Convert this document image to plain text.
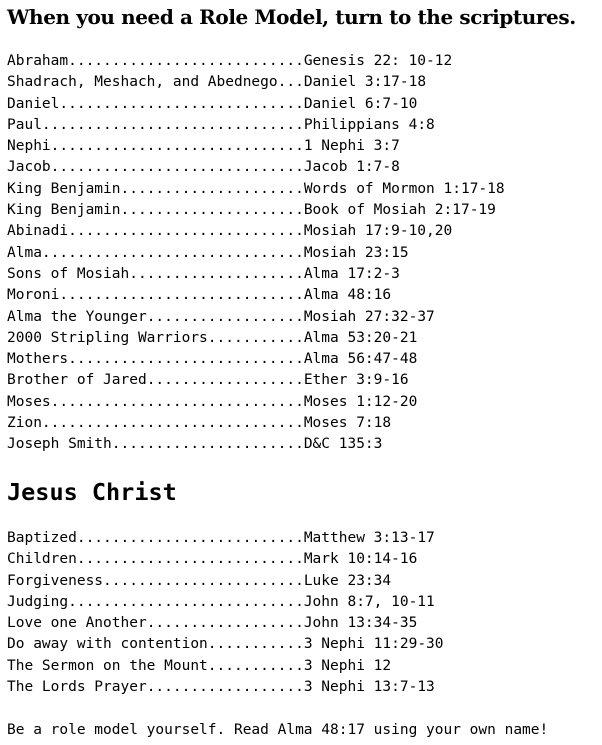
When you need a Role Model, turn to the scriptures.
Abraham...........................Genesis 22: 10-12
Shadrach, Meshach, and Abednego...Daniel 3:17-18
Daniel............................Daniel 6:7-10
Paul..............................Philippians 4:8
Nephi.............................1 Nephi 3:7
Jacob.............................Jacob 1:7-8
King Benjamin.....................Words of Mormon 1:17-18
King Benjamin.....................Book of Mosiah 2:17-19
Abinadi...........................Mosiah 17:9-10,20
Alma..............................Mosiah 23:15
Sons of Mosiah....................Alma 17:2-3
Moroni............................Alma 48:16
Alma the Younger..................Mosiah 27:32-37
2000 Stripling Warriors...........Alma 53:20-21
Mothers...........................Alma 56:47-48
Brother of Jared..................Ether 3:9-16
Moses.............................Moses 1:12-20
Zion..............................Moses 7:18
Joseph Smith......................D&C 135:3
Jesus Christ
Baptized..........................Matthew 3:13-17
Children..........................Mark 10:14-16
Forgiveness.......................Luke 23:34
Judging...........................John 8:7, 10-11
Love one Another..................John 13:34-35
Do away with contention...........3 Nephi 11:29-30
The Sermon on the Mount...........3 Nephi 12
The Lords Prayer..................3 Nephi 13:7-13

Be a role model yourself. Read Alma 48:17 using your own name!
